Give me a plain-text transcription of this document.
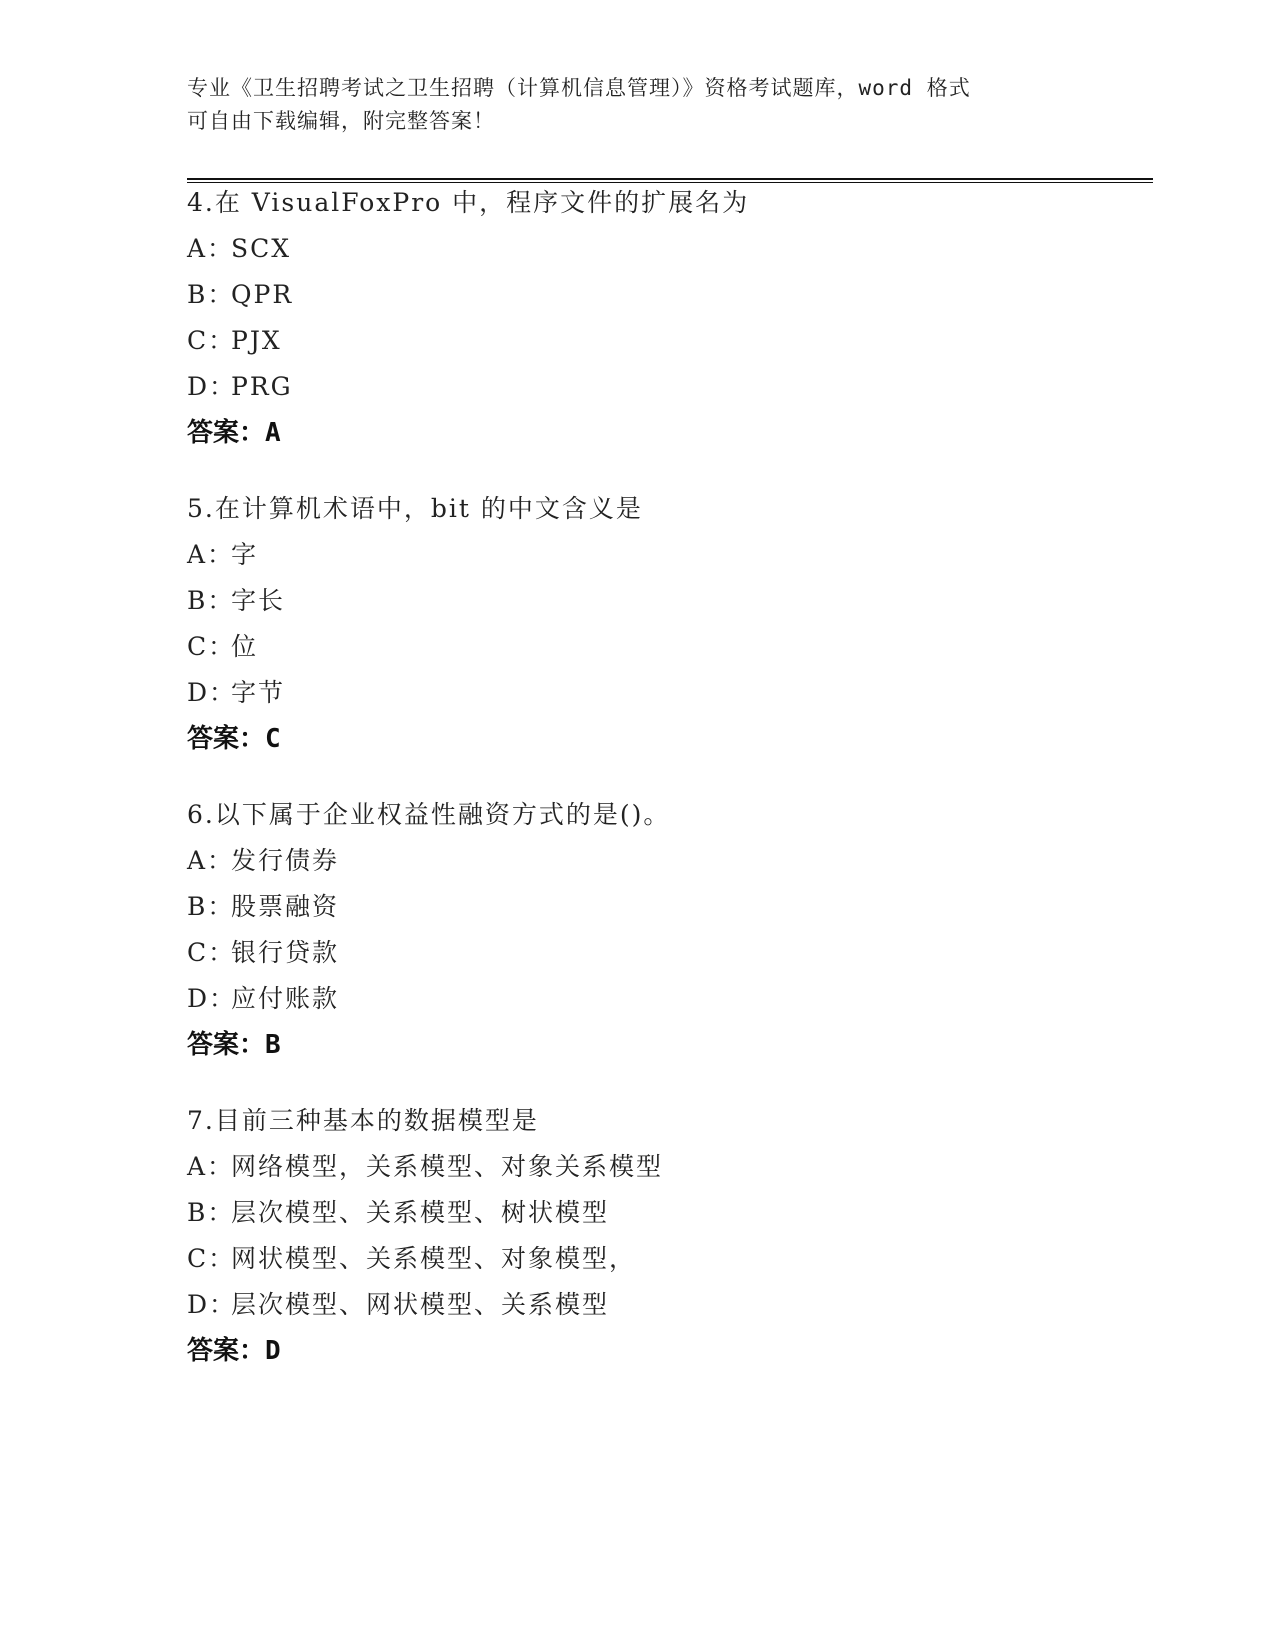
专业《卫生招聘考试之卫生招聘（计算机信息管理）》资格考试题库，word 格式
可自由下载编辑，附完整答案！
4.在 VisualFoxPro 中，程序文件的扩展名为
A：SCX
B：QPR
C：PJX
D：PRG
答案：A
5.在计算机术语中，bit 的中文含义是
A：字
B：字长
C：位
D：字节
答案：C
6.以下属于企业权益性融资方式的是()。
A：发行债券
B：股票融资
C：银行贷款
D：应付账款
答案：B
7.目前三种基本的数据模型是
A：网络模型，关系模型、对象关系模型
B：层次模型、关系模型、树状模型
C：网状模型、关系模型、对象模型，
D：层次模型、网状模型、关系模型
答案：D
